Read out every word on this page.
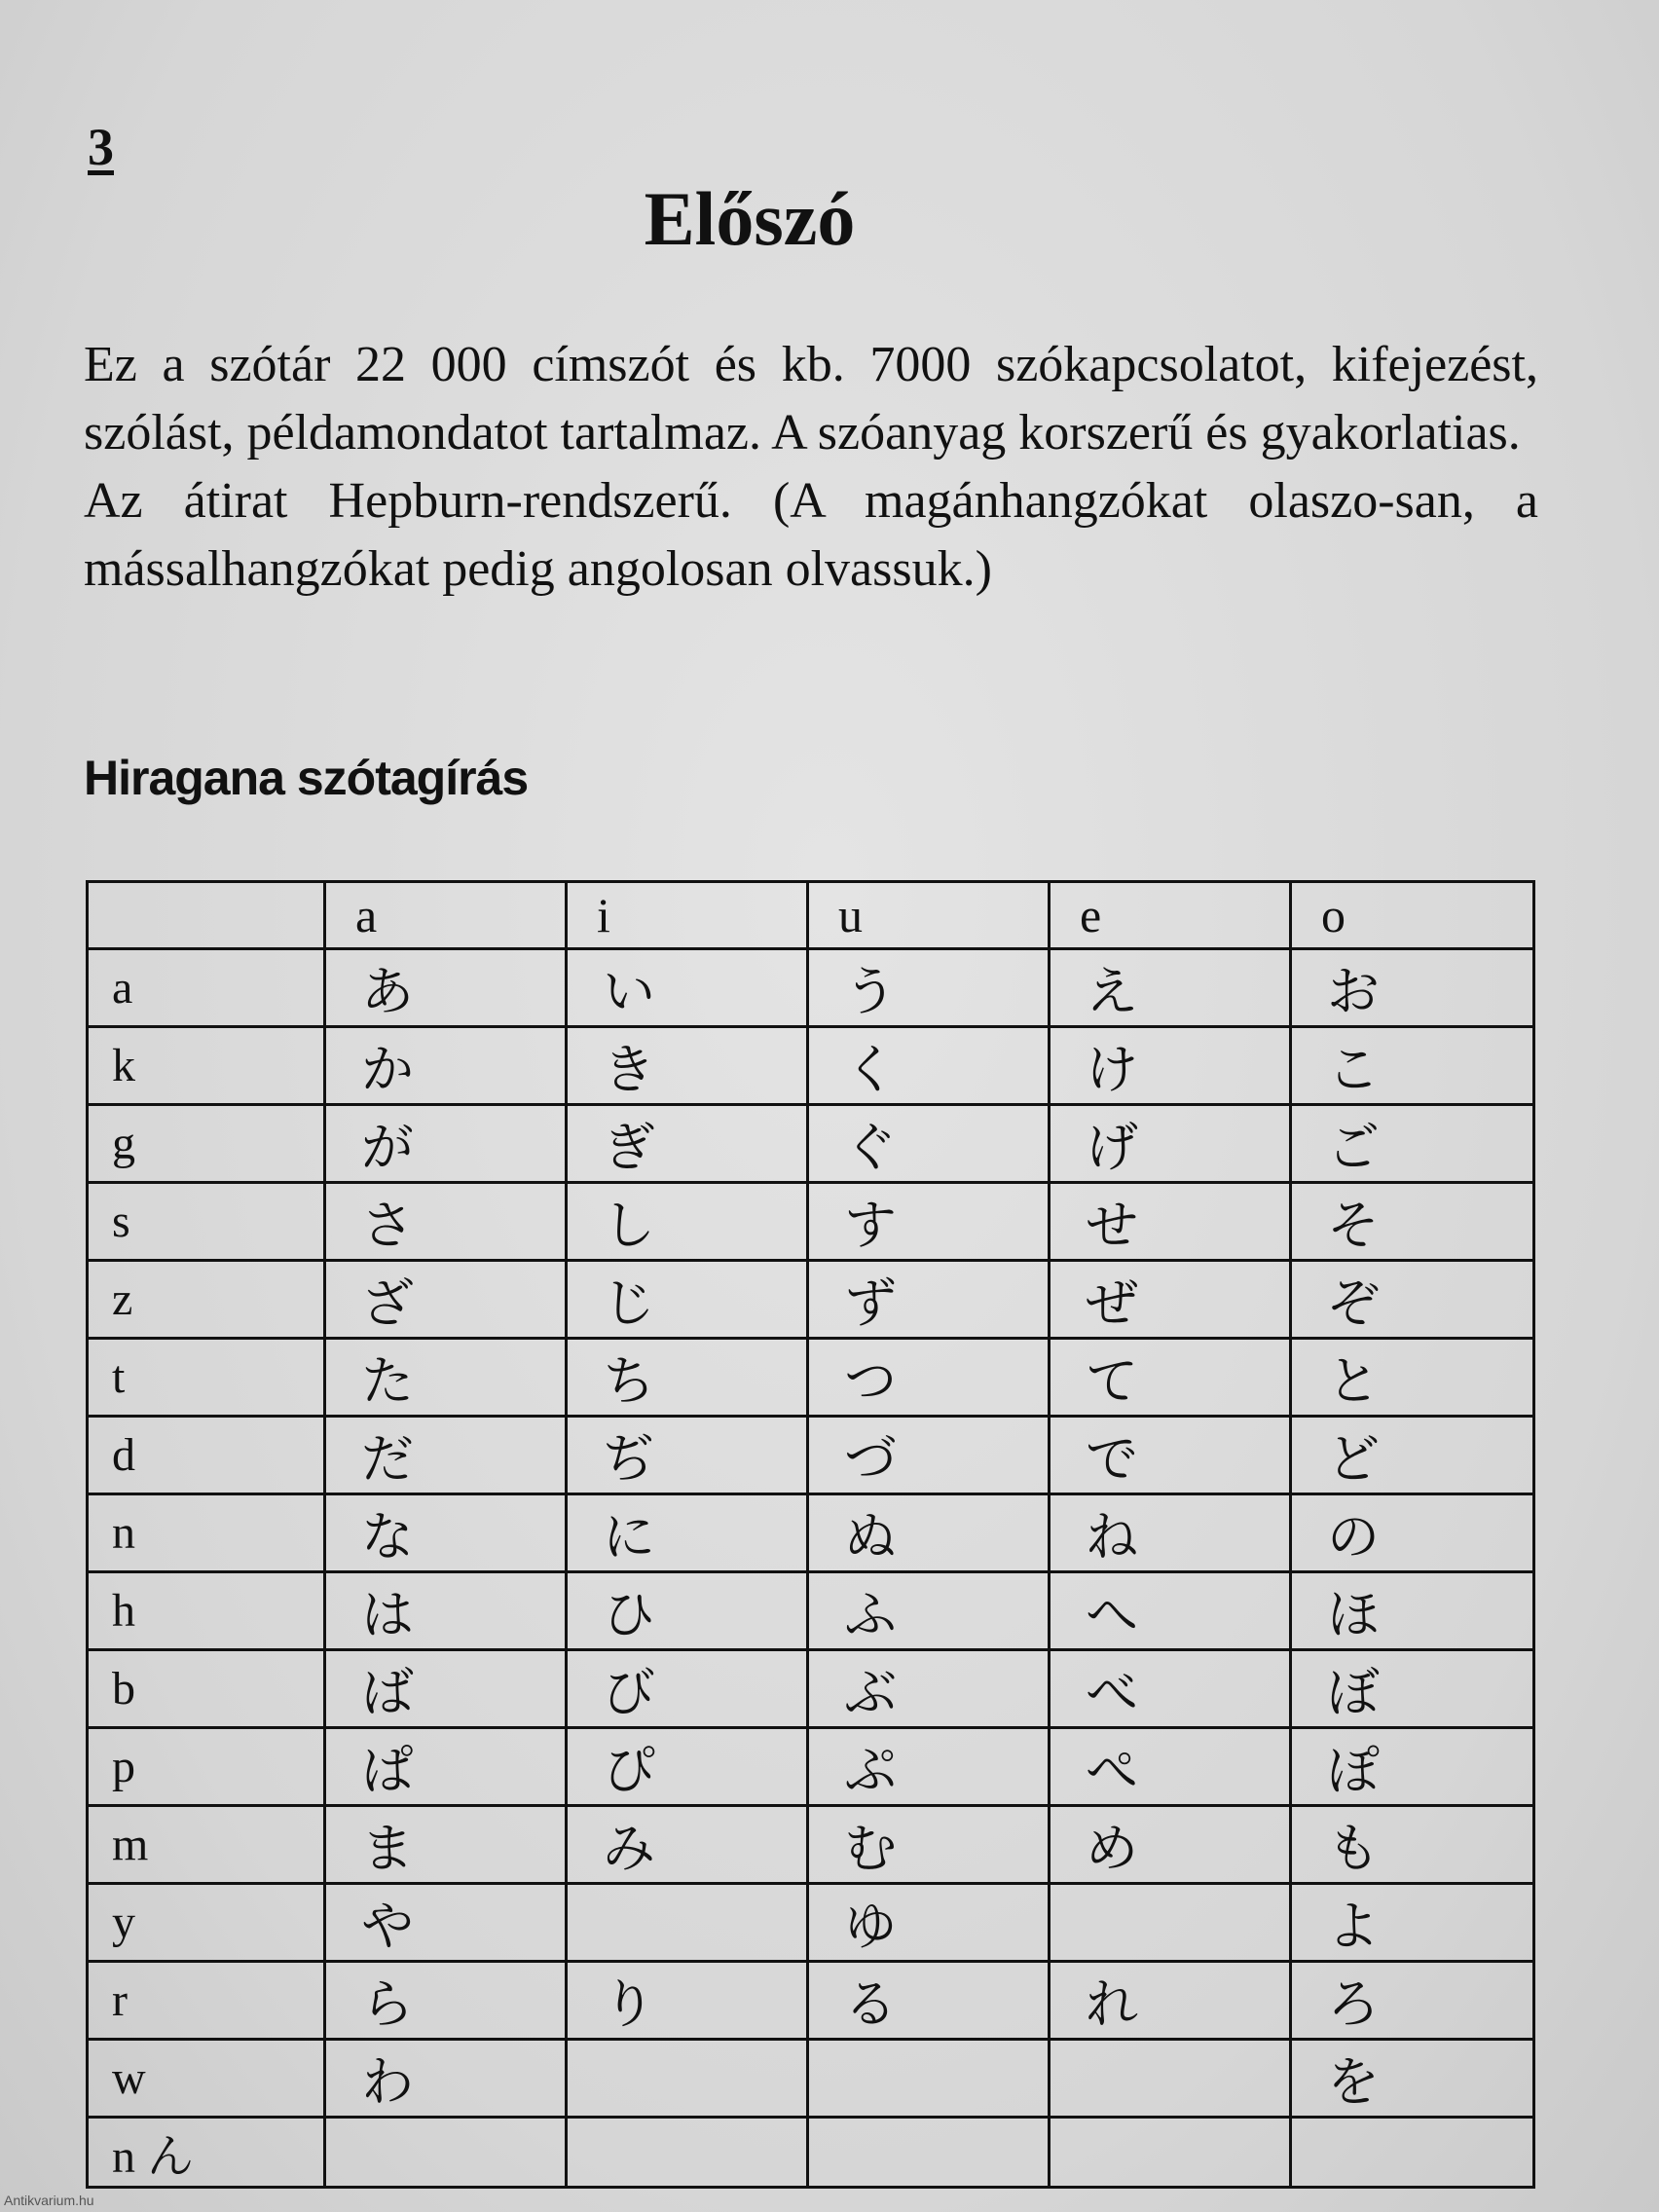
3
Előszó

Ez a szótár 22 000 címszót és kb. 7000 szókapcsolatot, kifejezést, szólást, példamondatot tartalmaz. A szóanyag korszerű és gyakorlatias.

Az átirat Hepburn-rendszerű. (A magánhangzókat olaszo-san, a mássalhangzókat pedig angolosan olvassuk.)

Hiragana szótagírás
	a	i	u	e	o
a	あ	い	う	え	お
k	か	き	く	け	こ
g	が	ぎ	ぐ	げ	ご
s	さ	し	す	せ	そ
z	ざ	じ	ず	ぜ	ぞ
t	た	ち	つ	て	と
d	だ	ぢ	づ	で	ど
n	な	に	ぬ	ね	の
h	は	ひ	ふ	へ	ほ
b	ば	び	ぶ	べ	ぼ
p	ぱ	ぴ	ぷ	ぺ	ぽ
m	ま	み	む	め	も
y	や		ゆ		よ
r	ら	り	る	れ	ろ
w	わ				を
n ん					
Antikvarium.hu
